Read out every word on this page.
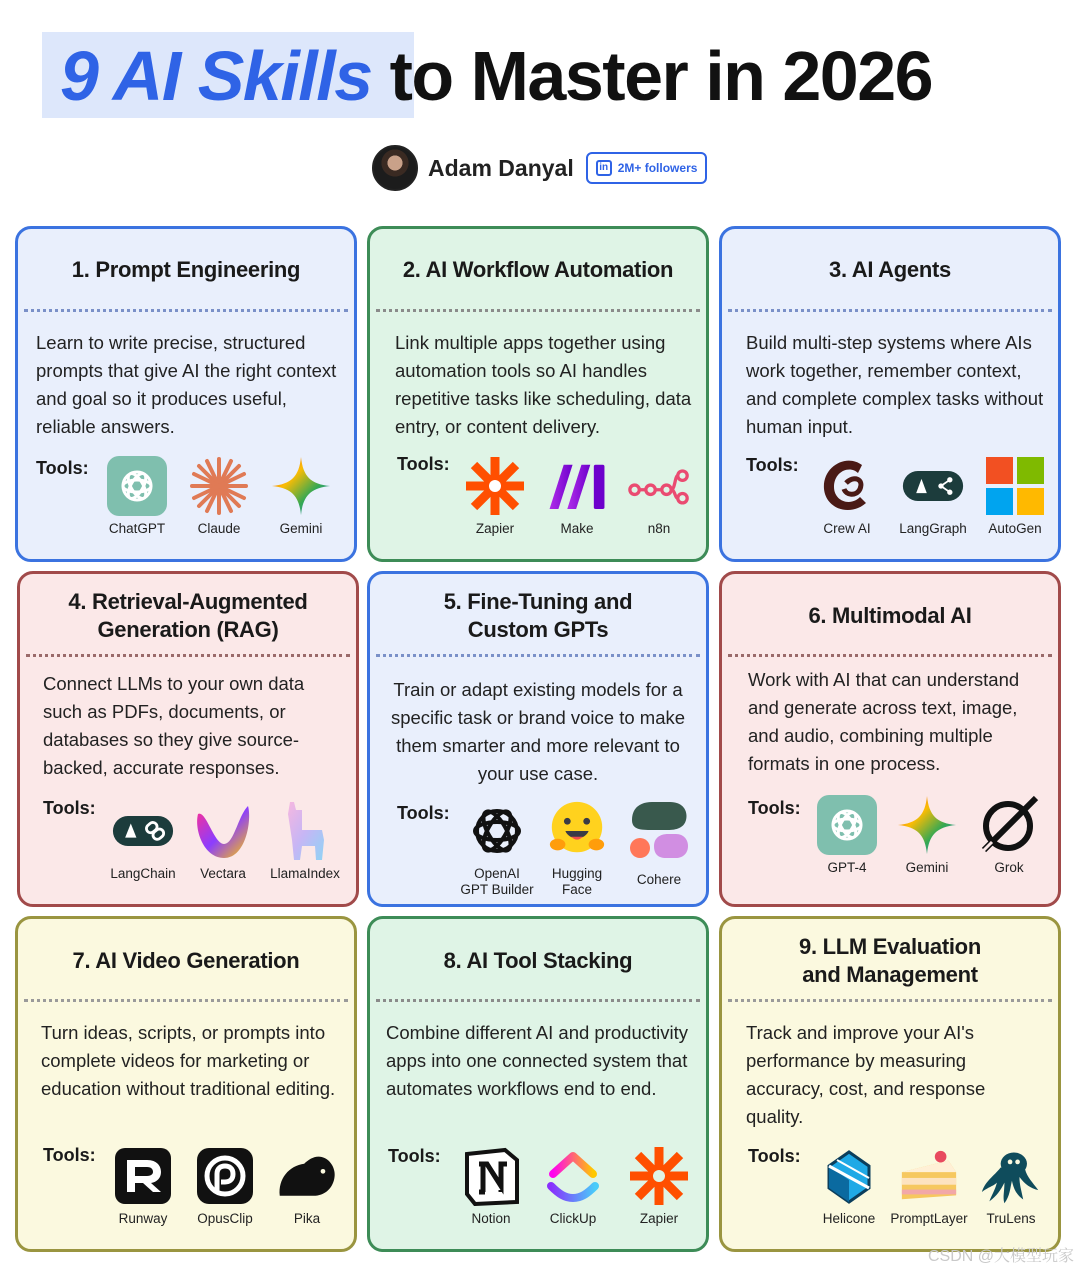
9 AI Skills to Master in 2026
Adam Danyal	in 2M+ followers
1. Prompt Engineering
Learn to write precise, structured prompts that give AI the right context and goal so it produces useful, reliable answers.
Tools:
ChatGPT	Claude	Gemini
2. AI Workflow Automation
Link multiple apps together using automation tools so AI handles repetitive tasks like scheduling, data entry, or content delivery.
Tools:
Zapier	Make	n8n
3. AI Agents
Build multi-step systems where AIs work together, remember context, and complete complex tasks without human input.
Tools:
Crew AI	LangGraph	AutoGen
4. Retrieval-Augmented
Generation (RAG)
Connect LLMs to your own data such as PDFs, documents, or databases so they give source-backed, accurate responses.
Tools:
LangChain	Vectara	LlamaIndex
5. Fine-Tuning and
Custom GPTs
Train or adapt existing models for a specific task or brand voice to make them smarter and more relevant to your use case.
Tools:
OpenAI
GPT Builder
Hugging
Face
Cohere
6. Multimodal AI
Work with AI that can understand and generate across text, image, and audio, combining multiple formats in one process.
Tools:
GPT-4	Gemini	Grok
7. AI Video Generation
Turn ideas, scripts, or prompts into complete videos for marketing or education without traditional editing.
Tools:
Runway	OpusClip	Pika
8. AI Tool Stacking
Combine different AI and productivity apps into one connected system that automates workflows end to end.
Tools:
Notion	ClickUp	Zapier
9. LLM Evaluation
and Management
Track and improve your AI's performance by measuring accuracy, cost, and response quality.
Tools:
Helicone	PromptLayer	TruLens
CSDN @大模型玩家
